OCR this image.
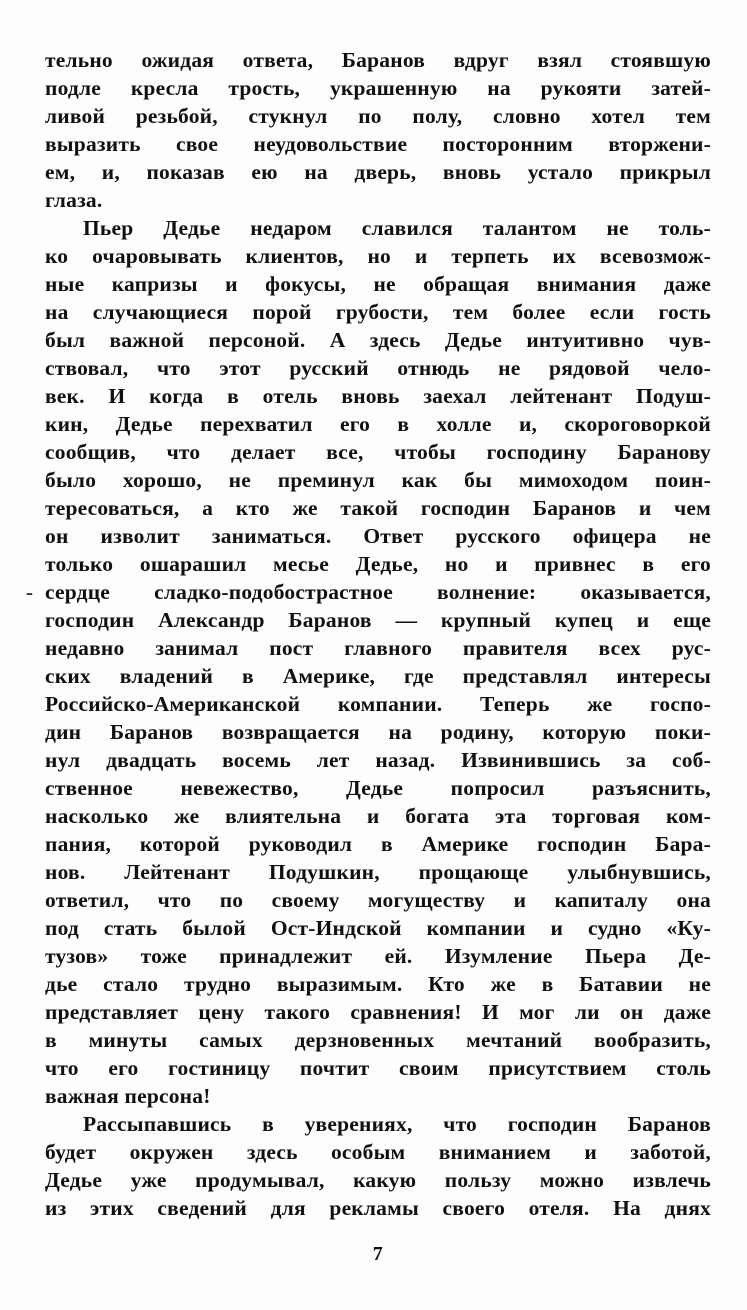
-
тельно ожидая ответа, Баранов вдруг взял стоявшую
подле кресла трость, украшенную на рукояти затей-
ливой резьбой, стукнул по полу, словно хотел тем
выразить свое неудовольствие посторонним вторжени-
ем, и, показав ею на дверь, вновь устало прикрыл
глаза.
Пьер Дедье недаром славился талантом не толь-
ко очаровывать клиентов, но и терпеть их всевозмож-
ные капризы и фокусы, не обращая внимания даже
на случающиеся порой грубости, тем более если гость
был важной персоной. А здесь Дедье интуитивно чув-
ствовал, что этот русский отнюдь не рядовой чело-
век. И когда в отель вновь заехал лейтенант Подуш-
кин, Дедье перехватил его в холле и, скороговоркой
сообщив, что делает все, чтобы господину Баранову
было хорошо, не преминул как бы мимоходом поин-
тересоваться, а кто же такой господин Баранов и чем
он изволит заниматься. Ответ русского офицера не
только ошарашил месье Дедье, но и привнес в его
сердце сладко-подобострастное волнение: оказывается,
господин Александр Баранов — крупный купец и еще
недавно занимал пост главного правителя всех рус-
ских владений в Америке, где представлял интересы
Российско-Американской компании. Теперь же госпо-
дин Баранов возвращается на родину, которую поки-
нул двадцать восемь лет назад. Извинившись за соб-
ственное невежество, Дедье попросил разъяснить,
насколько же влиятельна и богата эта торговая ком-
пания, которой руководил в Америке господин Бара-
нов. Лейтенант Подушкин, прощающе улыбнувшись,
ответил, что по своему могуществу и капиталу она
под стать былой Ост-Индской компании и судно «Ку-
тузов» тоже принадлежит ей. Изумление Пьера Де-
дье стало трудно выразимым. Кто же в Батавии не
представляет цену такого сравнения! И мог ли он даже
в минуты самых дерзновенных мечтаний вообразить,
что его гостиницу почтит своим присутствием столь
важная персона!
Рассыпавшись в уверениях, что господин Баранов
будет окружен здесь особым вниманием и заботой,
Дедье уже продумывал, какую пользу можно извлечь
из этих сведений для рекламы своего отеля. На днях
7
